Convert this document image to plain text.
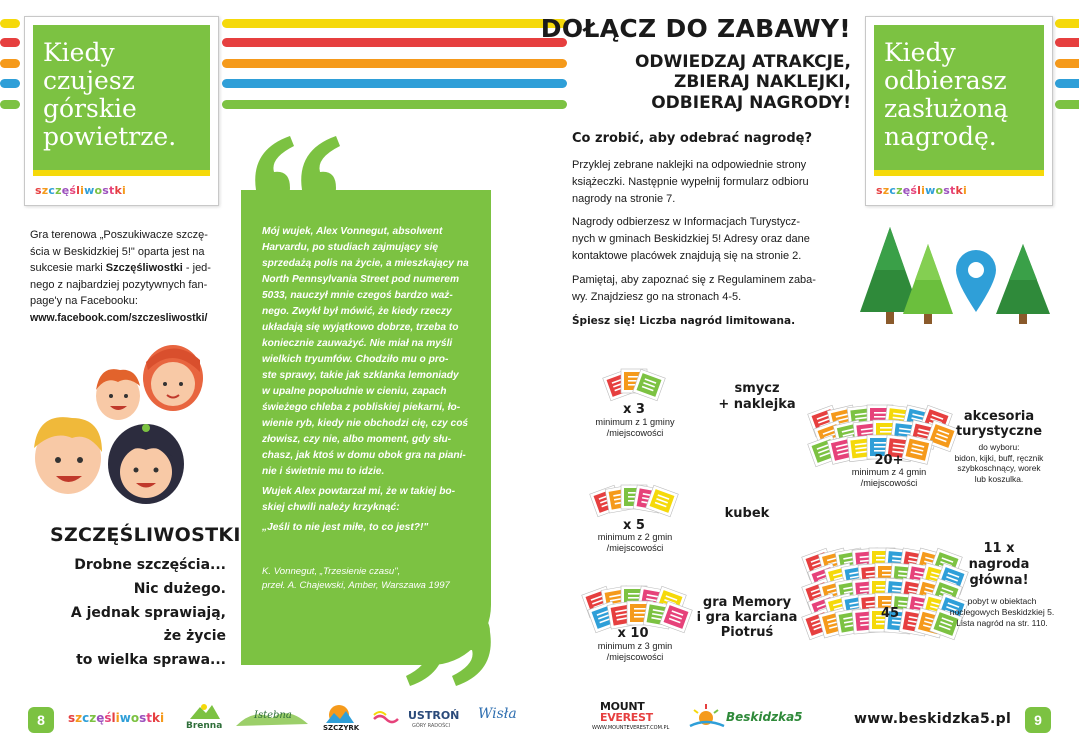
Kiedy
czujesz
górskie
powietrze.

szczęśliwostki
Gra terenowa „Poszukiwacze szczę-
ścia w Beskidzkiej 5!" oparta jest na
sukcesie marki Szczęśliwostki - jed-
nego z najbardziej pozytywnych fan-
page'y na Facebooku:
www.facebook.com/szczesliwostki/
SZCZĘŚLIWOSTKI
Drobne szczęścia...
Nic dużego.
A jednak sprawiają,
że życie
to wielka sprawa...
Mój wujek, Alex Vonnegut, absolwent
Harvardu, po studiach zajmujący się
sprzedażą polis na życie, a mieszkający na
North Pennsylvania Street pod numerem
5033, nauczył mnie czegoś bardzo waż-
nego. Zwykł był mówić, że kiedy rzeczy
układają się wyjątkowo dobrze, trzeba to
koniecznie zauważyć. Nie miał na myśli
wielkich tryumfów. Chodziło mu o pro-
ste sprawy, takie jak szklanka lemoniady
w upalne popołudnie w cieniu, zapach
świeżego chleba z pobliskiej piekarni, ło-
wienie ryb, kiedy nie obchodzi cię, czy coś
złowisz, czy nie, albo moment, gdy słu-
chasz, jak ktoś w domu obok gra na piani-
nie i świetnie mu to idzie.
Wujek Alex powtarzał mi, że w takiej bo-
skiej chwili należy krzyknąć:
„Jeśli to nie jest miłe, to co jest?!"
K. Vonnegut, „Trzesienie czasu",
przeł. A. Chajewski, Amber, Warszawa 1997
DOŁĄCZ DO ZABAWY!
ODWIEDZAJ ATRAKCJE,
ZBIERAJ NAKLEJKI,
ODBIERAJ NAGRODY!

Kiedy
odbierasz
zasłużoną
nagrodę.

szczęśliwostki
Co zrobić, aby odebrać nagrodę?
Przyklej zebrane naklejki na odpowiednie strony
książeczki. Następnie wypełnij formularz odbioru
nagrody na stronie 7.
Nagrody odbierzesz w Informacjach Turystycz-
nych w gminach Beskidzkiej 5! Adresy oraz dane
kontaktowe placówek znajdują się na stronie 2.
Pamiętaj, aby zapoznać się z Regulaminem zaba-
wy. Znajdziesz go na stronach 4-5.
Śpiesz się! Liczba nagród limitowana.
x 3
minimum z 1 gminy
/miejscowości
smycz
+ naklejka
x 5
minimum z 2 gmin
/miejscowości
kubek
x 10
minimum z 3 gmin
/miejscowości
gra Memory
i gra karciana
Piotruś
20+
minimum z 4 gmin
/miejscowości
akcesoria
turystyczne
do wyboru:
bidon, kijki, buff, ręcznik
szybkoschnący, worek
lub koszulka.
45
11 x
nagroda
główna!
pobyt w obiektach
noclegowych Beskidzkiej 5.
Lista nagród na str. 110.
8	szczęśliwostki
Brenna
Istebna
SZCZYRK
USTROŃ
GÓRY RADOŚCI
Wisła	MOUNT
EVEREST
WWW.MOUNTEVEREST.COM.PL
Beskidzka5	www.beskidzka5.pl	9
